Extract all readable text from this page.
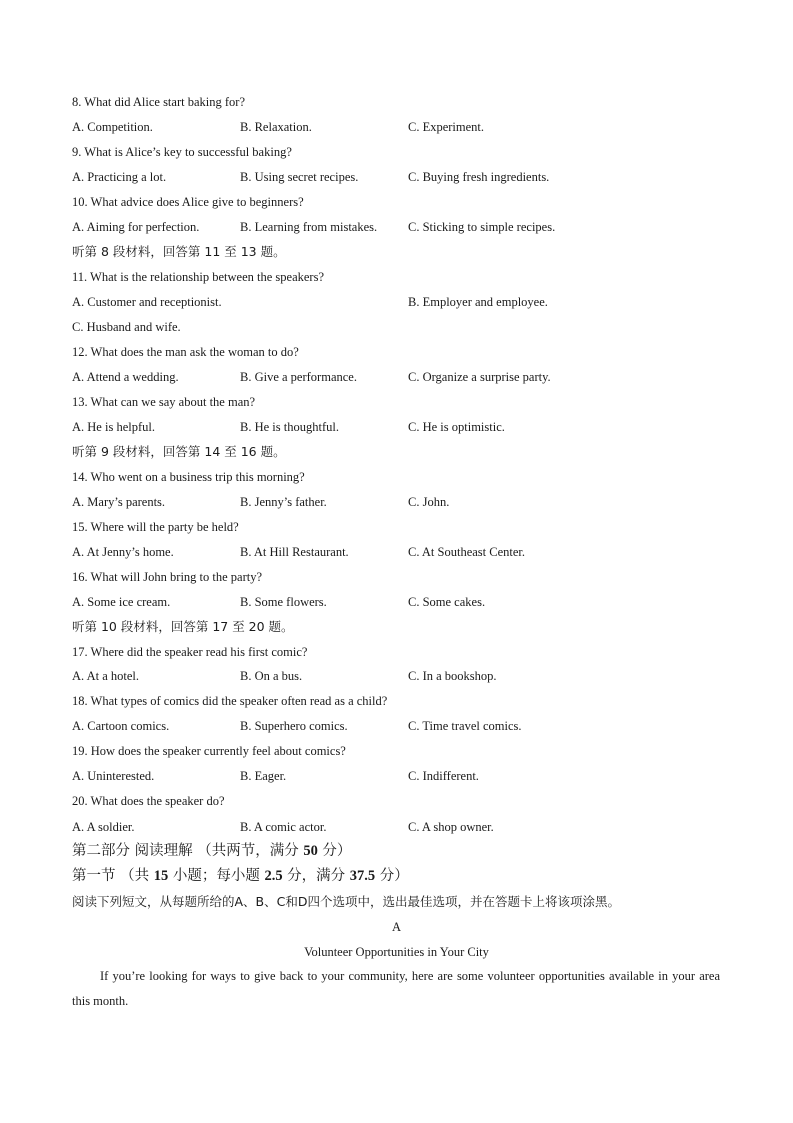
8. What did Alice start baking for?
A. Competition.	B. Relaxation.	C. Experiment.
9. What is Alice’s key to successful baking?
A. Practicing a lot.	B. Using secret recipes.	C. Buying fresh ingredients.
10. What advice does Alice give to beginners?
A. Aiming for perfection.	B. Learning from mistakes. C. Sticking to simple recipes.
听第 8 段材料，回答第 11 至 13 题。
11. What is the relationship between the speakers?
A. Customer and receptionist.	B. Employer and employee.
C. Husband and wife.
12. What does the man ask the woman to do?
A. Attend a wedding.	B. Give a performance.	C. Organize a surprise party.
13. What can we say about the man?
A. He is helpful.	B. He is thoughtful.	C. He is optimistic.
听第 9 段材料，回答第 14 至 16 题。
14. Who went on a business trip this morning?
A. Mary’s parents.	B. Jenny’s father.	C. John.
15. Where will the party be held?
A. At Jenny’s home.	B. At Hill Restaurant.	C. At Southeast Center.
16. What will John bring to the party?
A. Some ice cream.	B. Some flowers.	C. Some cakes.
听第 10 段材料，回答第 17 至 20 题。
17. Where did the speaker read his first comic?
A. At a hotel.	B. On a bus.	C. In a bookshop.
18. What types of comics did the speaker often read as a child?
A. Cartoon comics.	B. Superhero comics.	C. Time travel comics.
19. How does the speaker currently feel about comics?
A. Uninterested.	B. Eager.	C. Indifferent.
20. What does the speaker do?
A. A soldier.	B. A comic actor.	C. A shop owner.
第二部分 阅读理解 （共两节，满分 50 分）
第一节 （共 15 小题；每小题 2.5 分，满分 37.5 分）
阅读下列短文，从每题所给的A、B、C和D四个选项中，选出最佳选项，并在答题卡上将该项涂黑。
A
Volunteer Opportunities in Your City
If you’re looking for ways to give back to your community, here are some volunteer opportunities available in your area this month.
